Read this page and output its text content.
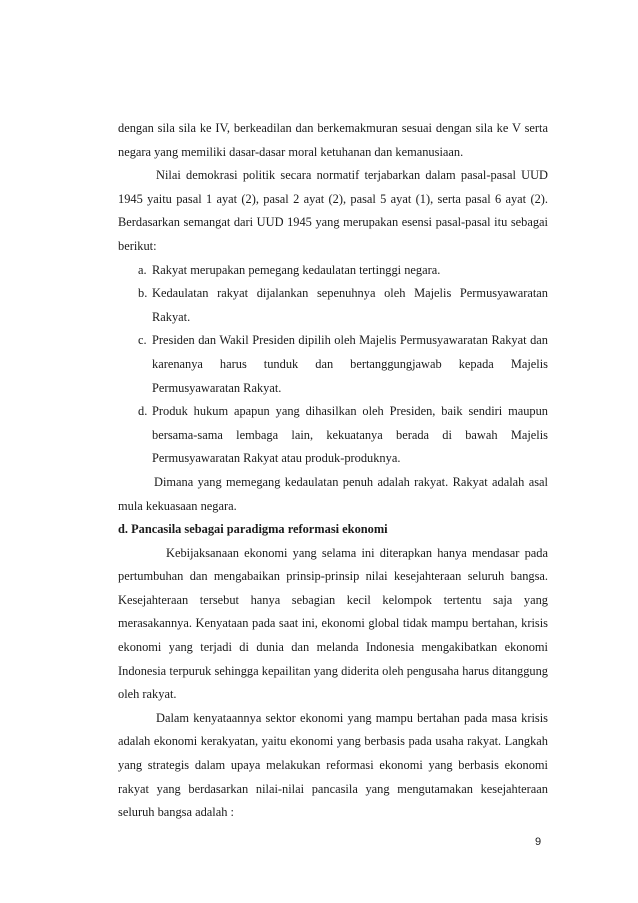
dengan sila sila ke IV, berkeadilan dan berkemakmuran sesuai dengan sila ke V serta negara yang memiliki dasar-dasar moral ketuhanan dan kemanusiaan.

Nilai demokrasi politik secara normatif terjabarkan dalam pasal-pasal UUD 1945 yaitu pasal 1 ayat (2), pasal 2 ayat (2), pasal 5 ayat (1), serta pasal 6 ayat (2). Berdasarkan semangat dari UUD 1945 yang merupakan esensi pasal-pasal itu sebagai berikut:

a. Rakyat merupakan pemegang kedaulatan tertinggi negara.
b. Kedaulatan rakyat dijalankan sepenuhnya oleh Majelis Permusyawaratan Rakyat.
c. Presiden dan Wakil Presiden dipilih oleh Majelis Permusyawaratan Rakyat dan karenanya harus tunduk dan bertanggungjawab kepada Majelis Permusyawaratan Rakyat.
d. Produk hukum apapun yang dihasilkan oleh Presiden, baik sendiri maupun bersama-sama lembaga lain, kekuatanya berada di bawah Majelis Permusyawaratan Rakyat atau produk-produknya.

Dimana yang memegang kedaulatan penuh adalah rakyat. Rakyat adalah asal mula kekuasaan negara.

d. Pancasila sebagai paradigma reformasi ekonomi

Kebijaksanaan ekonomi yang selama ini diterapkan hanya mendasar pada pertumbuhan dan mengabaikan prinsip-prinsip nilai kesejahteraan seluruh bangsa. Kesejahteraan tersebut hanya sebagian kecil kelompok tertentu saja yang merasakannya. Kenyataan pada saat ini, ekonomi global tidak mampu bertahan, krisis ekonomi yang terjadi di dunia dan melanda Indonesia mengakibatkan ekonomi Indonesia terpuruk sehingga kepailitan yang diderita oleh pengusaha harus ditanggung oleh rakyat.

Dalam kenyataannya sektor ekonomi yang mampu bertahan pada masa krisis adalah ekonomi kerakyatan, yaitu ekonomi yang berbasis pada usaha rakyat. Langkah yang strategis dalam upaya melakukan reformasi ekonomi yang berbasis ekonomi rakyat yang berdasarkan nilai-nilai pancasila yang mengutamakan kesejahteraan seluruh bangsa adalah :

9
